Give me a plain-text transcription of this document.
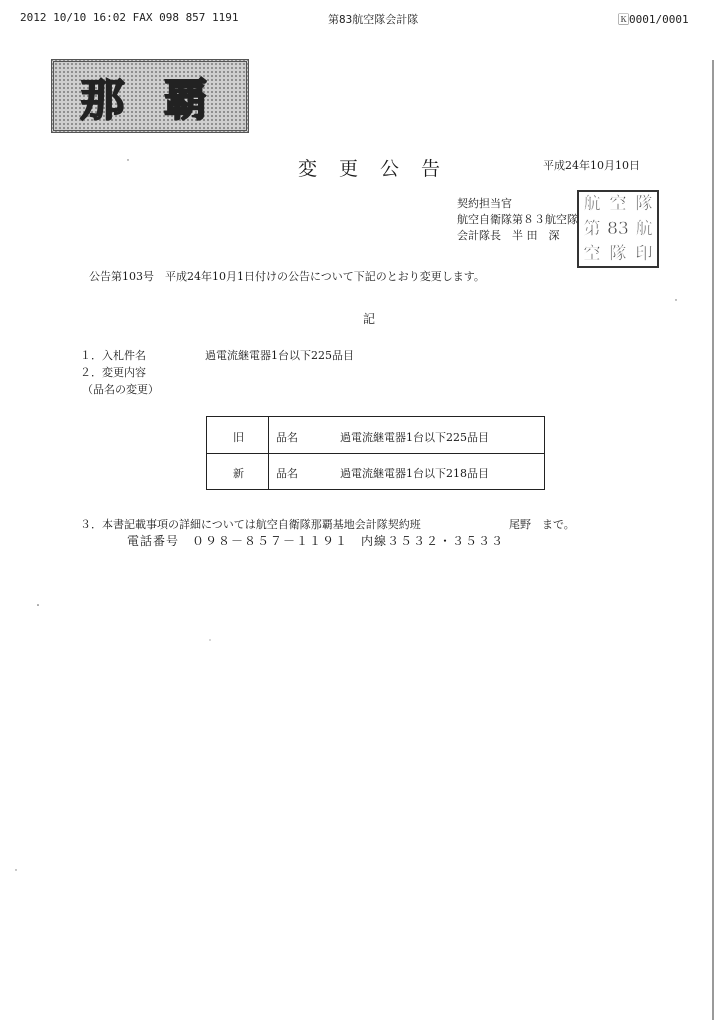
2012 10/10 16:02 FAX 098 857 1191	第83航空隊会計隊	🄺0001/0001
那 覇
変更公告	平成24年10月10日
契約担当官
航空自衛隊第８３航空隊
会計隊長　半 田　深
航 空 隊
第 83 航
空 隊 印
公告第103号　平成24年10月1日付けの公告について下記のとおり変更します。
記
１．入札件名	過電流継電器1台以下225品目
２．変更内容
（品名の変更）
旧	品名	過電流継電器1台以下225品目
新	品名	過電流継電器1台以下218品目
３．本書記載事項の詳細については航空自衛隊那覇基地会計隊契約班	尾野　まで。
電話番号　０９８－８５７－１１９１　内線３５３２・３５３３
